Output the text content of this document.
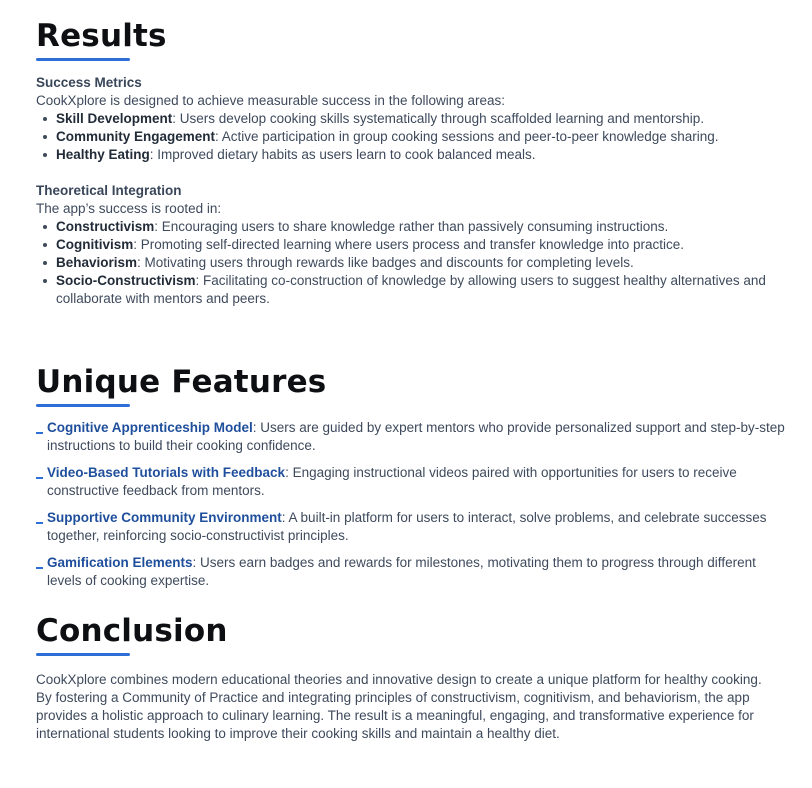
Results
Success Metrics

CookXplore is designed to achieve measurable success in the following areas:

Skill Development: Users develop cooking skills systematically through scaffolded learning and mentorship.
Community Engagement: Active participation in group cooking sessions and peer-to-peer knowledge sharing.
Healthy Eating: Improved dietary habits as users learn to cook balanced meals.
Theoretical Integration

The app’s success is rooted in:

Constructivism: Encouraging users to share knowledge rather than passively consuming instructions.
Cognitivism: Promoting self-directed learning where users process and transfer knowledge into practice.
Behaviorism: Motivating users through rewards like badges and discounts for completing levels.
Socio-Constructivism: Facilitating co-construction of knowledge by allowing users to suggest healthy alternatives and collaborate with mentors and peers.
Unique Features
Cognitive Apprenticeship Model: Users are guided by expert mentors who provide personalized support and step-by-step instructions to build their cooking confidence.
Video-Based Tutorials with Feedback: Engaging instructional videos paired with opportunities for users to receive constructive feedback from mentors.
Supportive Community Environment: A built-in platform for users to interact, solve problems, and celebrate successes together, reinforcing socio-constructivist principles.
Gamification Elements: Users earn badges and rewards for milestones, motivating them to progress through different levels of cooking expertise.
Conclusion

CookXplore combines modern educational theories and innovative design to create a unique platform for healthy cooking. By fostering a Community of Practice and integrating principles of constructivism, cognitivism, and behaviorism, the app provides a holistic approach to culinary learning. The result is a meaningful, engaging, and transformative experience for international students looking to improve their cooking skills and maintain a healthy diet.
